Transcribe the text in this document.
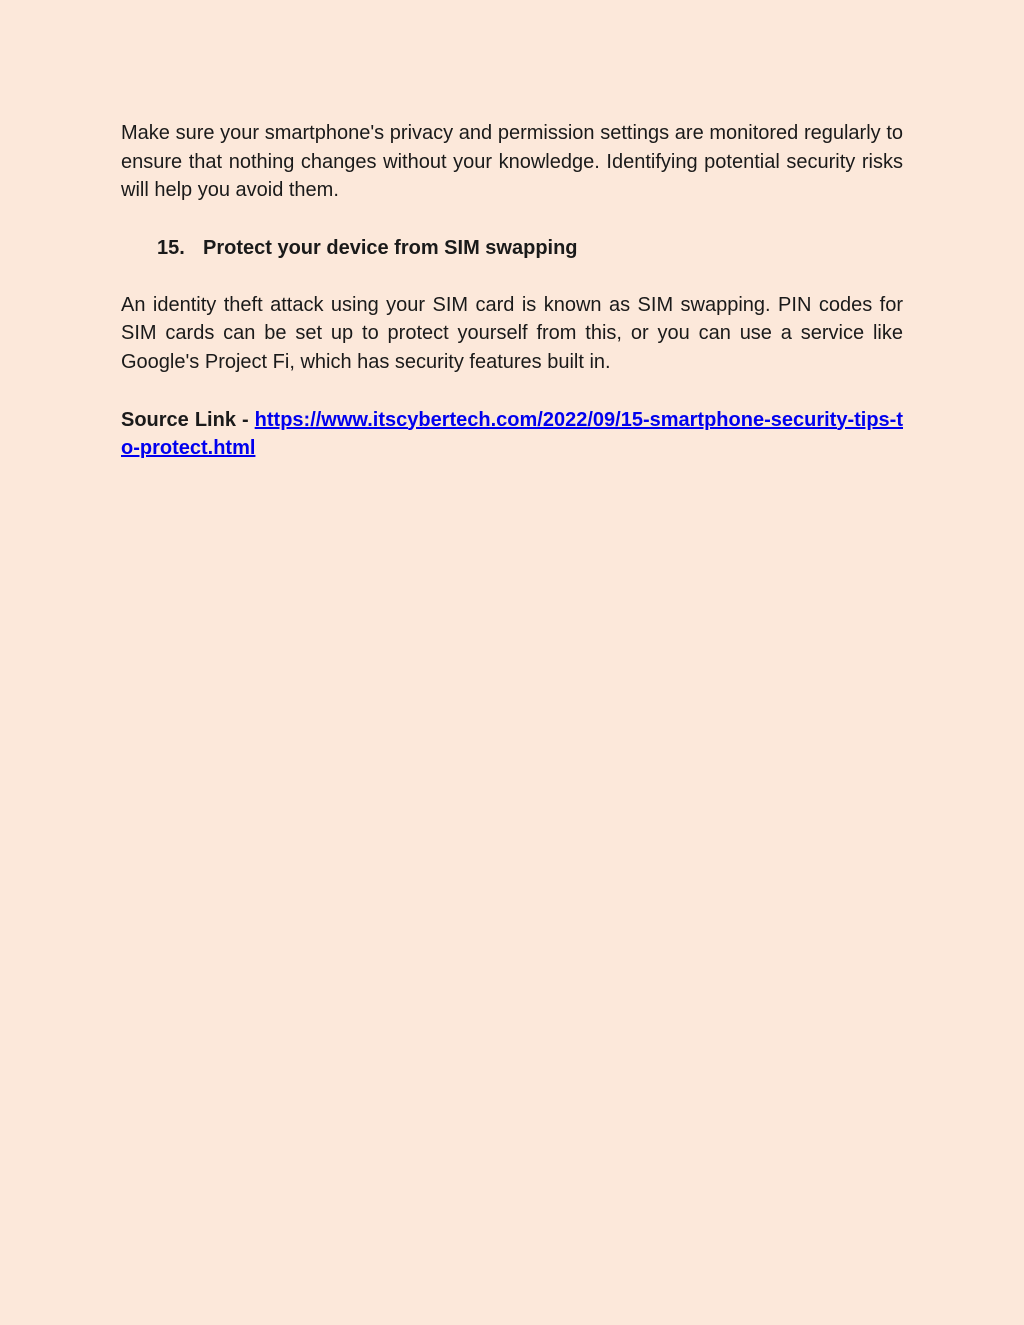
Make sure your smartphone's privacy and permission settings are monitored regularly to ensure that nothing changes without your knowledge. Identifying potential security risks will help you avoid them.

15. Protect your device from SIM swapping

An identity theft attack using your SIM card is known as SIM swapping. PIN codes for SIM cards can be set up to protect yourself from this, or you can use a service like Google's Project Fi, which has security features built in.

Source Link - https://www.itscybertech.com/2022/09/15-smartphone-security-tips-to-protect.html
